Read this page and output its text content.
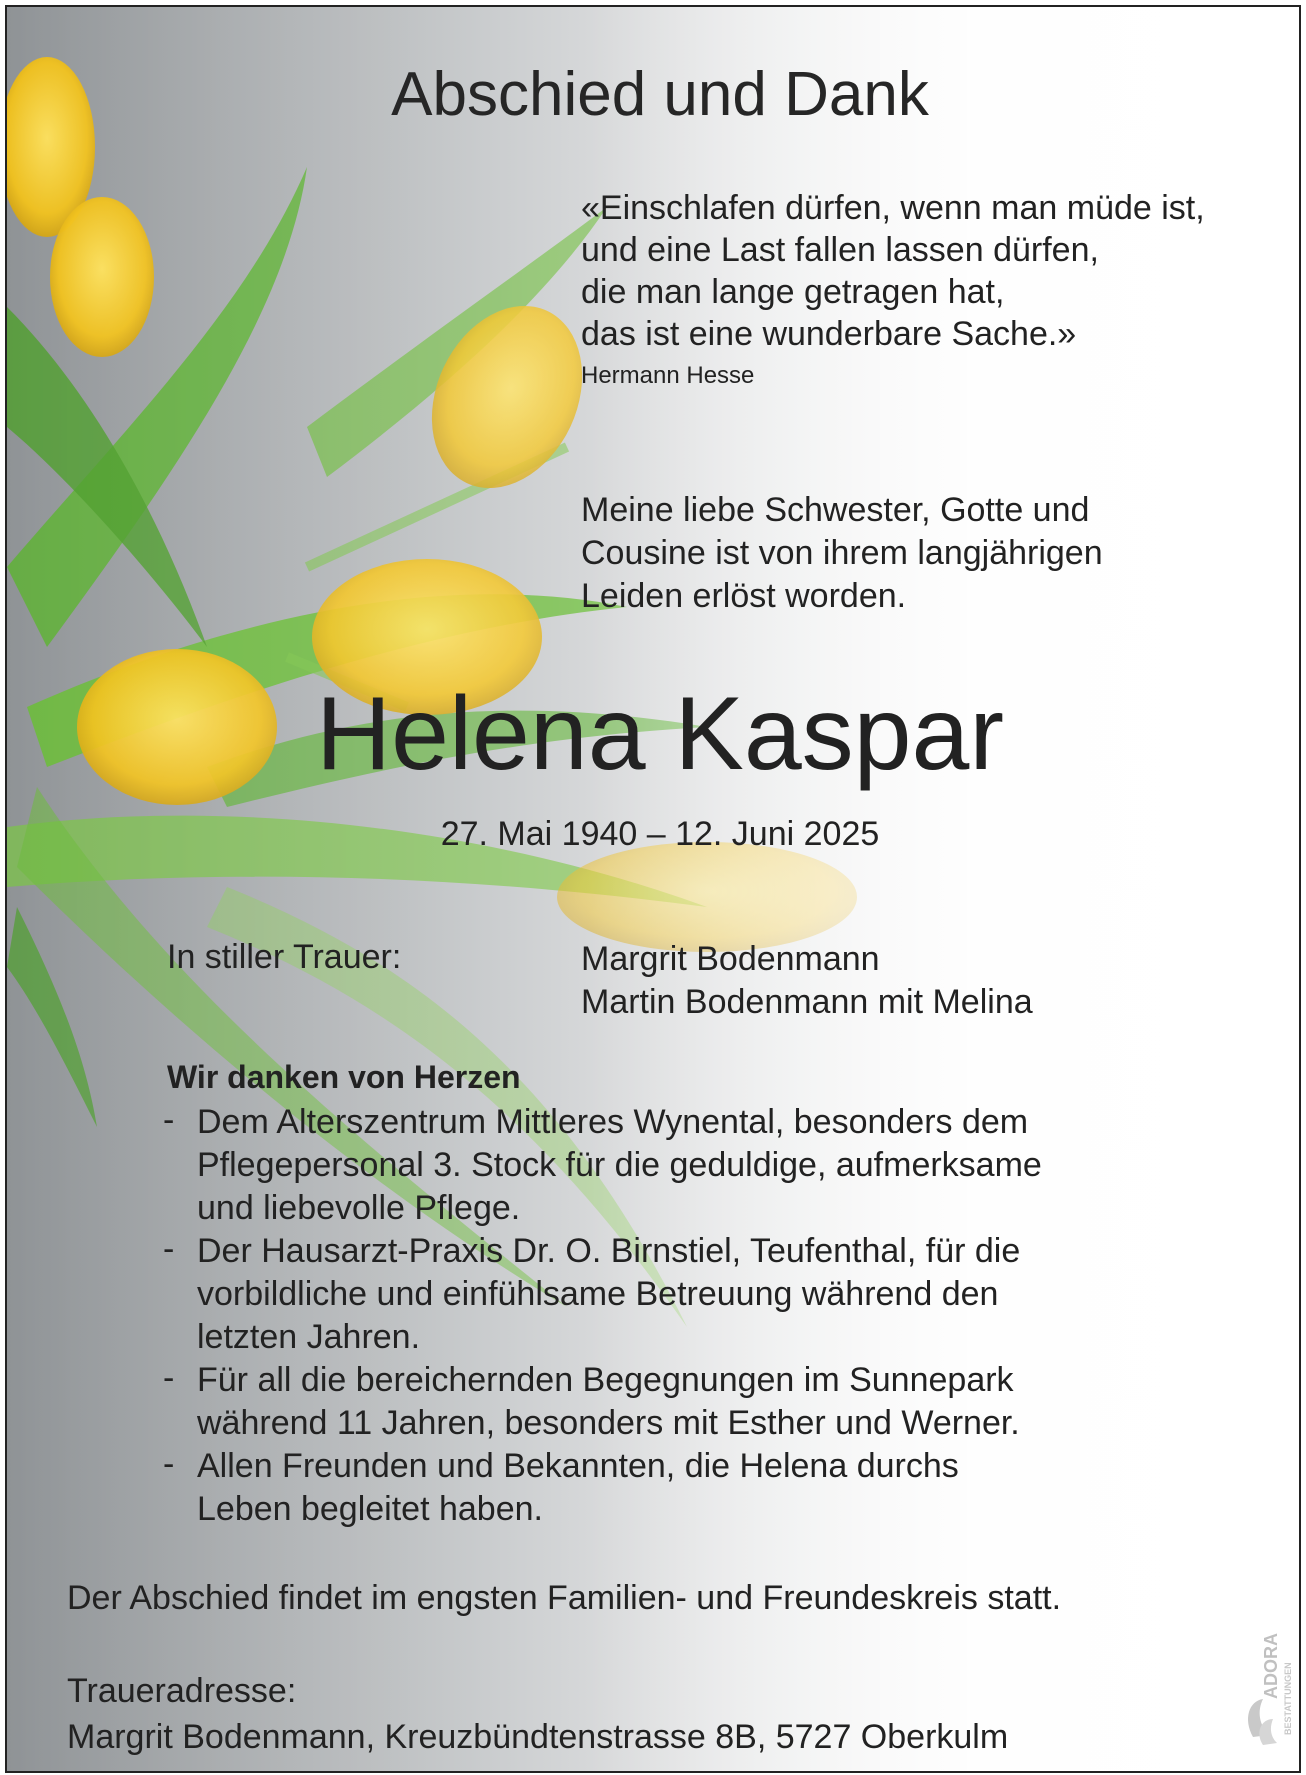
Abschied und Dank
«Einschlafen dürfen, wenn man müde ist,
und eine Last fallen lassen dürfen,
die man lange getragen hat,
das ist eine wunderbare Sache.»
Hermann Hesse
Meine liebe Schwester, Gotte und
Cousine ist von ihrem langjährigen
Leiden erlöst worden.
Helena Kaspar
27. Mai 1940 – 12. Juni 2025
In stiller Trauer:	Margrit Bodenmann
Martin Bodenmann mit Melina
Wir danken von Herzen
- Dem Alterszentrum Mittleres Wynental, besonders dem
Pflegepersonal 3. Stock für die geduldige, aufmerksame
und liebevolle Pflege.
- Der Hausarzt-Praxis Dr. O. Birnstiel, Teufenthal, für die
vorbildliche und einfühlsame Betreuung während den
letzten Jahren.
- Für all die bereichernden Begegnungen im Sunnepark
während 11 Jahren, besonders mit Esther und Werner.
- Allen Freunden und Bekannten, die Helena durchs
Leben begleitet haben.
Der Abschied findet im engsten Familien- und Freundeskreis statt.
Traueradresse:
Margrit Bodenmann, Kreuzbündtenstrasse 8B, 5727 Oberkulm
ADORA BESTATTUNGEN
